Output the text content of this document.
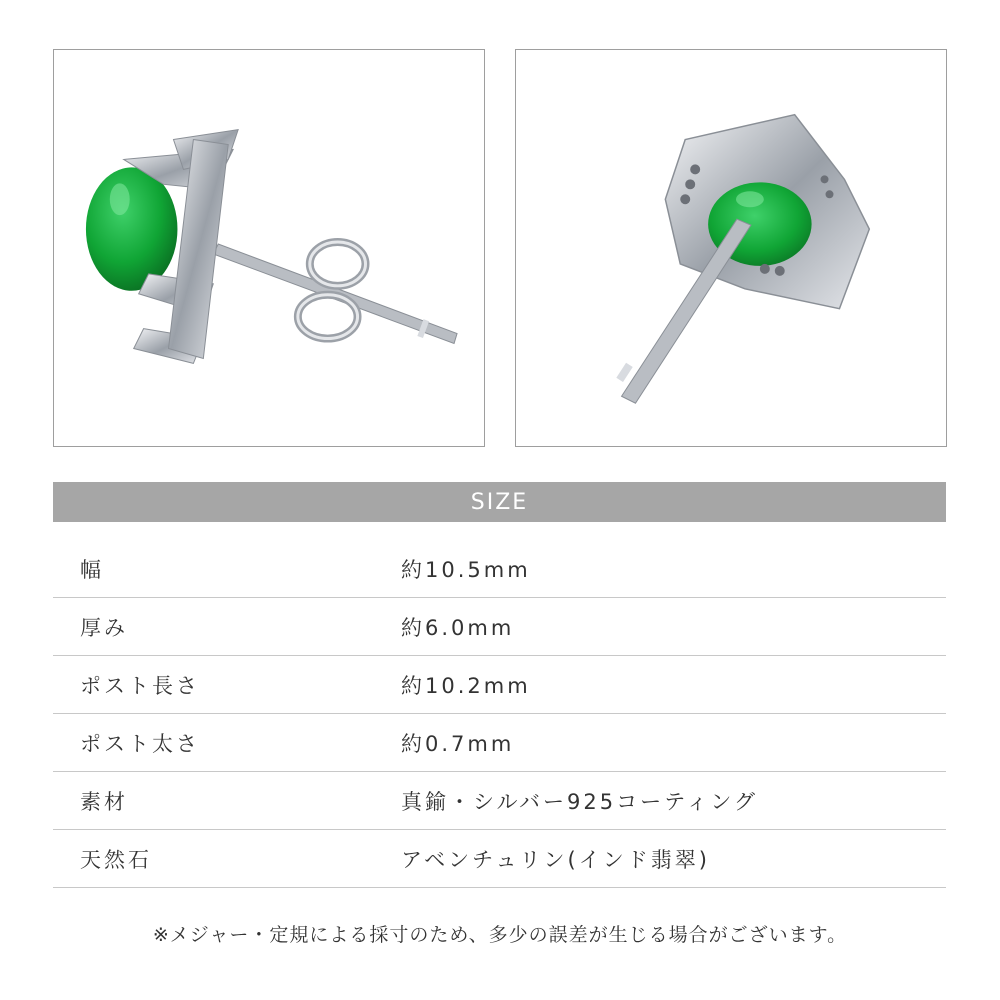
SIZE
幅	約10.5mm
厚み	約6.0mm
ポスト長さ	約10.2mm
ポスト太さ	約0.7mm
素材	真鍮・シルバー925コーティング
天然石	アベンチュリン(インド翡翠)
※メジャー・定規による採寸のため、多少の誤差が生じる場合がございます。
